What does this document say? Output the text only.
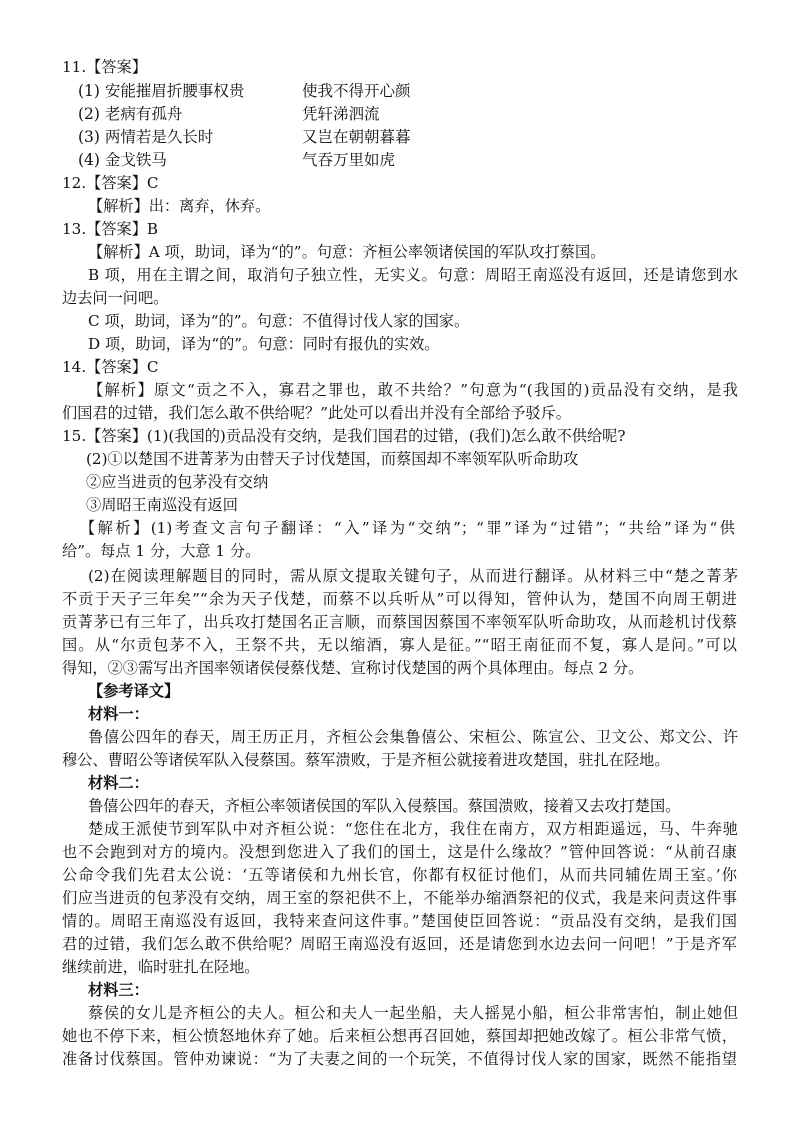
11.【答案】
(1) 安能摧眉折腰事权贵	使我不得开心颜
(2) 老病有孤舟	凭轩涕泗流
(3) 两情若是久长时	又岂在朝朝暮暮
(4) 金戈铁马	气吞万里如虎
12.【答案】C
【解析】出：离弃，休弃。
13.【答案】B
【解析】A 项，助词，译为“的”。句意：齐桓公率领诸侯国的军队攻打蔡国。
B 项，用在主谓之间，取消句子独立性，无实义。句意：周昭王南巡没有返回，还是请您到水
边去问一问吧。
C 项，助词，译为“的”。句意：不值得讨伐人家的国家。
D 项，助词，译为“的”。句意：同时有报仇的实效。
14.【答案】C
【解析】原文“贡之不入，寡君之罪也，敢不共给？”句意为“(我国的)贡品没有交纳，是我
们国君的过错，我们怎么敢不供给呢？”此处可以看出并没有全部给予驳斥。
15.【答案】(1)(我国的)贡品没有交纳，是我们国君的过错，(我们)怎么敢不供给呢?
(2)①以楚国不进菁茅为由替天子讨伐楚国，而蔡国却不率领军队听命助攻
②应当进贡的包茅没有交纳
③周昭王南巡没有返回
【解析】(1)考查文言句子翻译：“入”译为“交纳”；“罪”译为“过错”；“共给”译为“供
给”。每点 1 分，大意 1 分。
(2)在阅读理解题目的同时，需从原文提取关键句子，从而进行翻译。从材料三中“楚之菁茅
不贡于天子三年矣”“余为天子伐楚，而蔡不以兵听从”可以得知，管仲认为，楚国不向周王朝进
贡菁茅已有三年了，出兵攻打楚国名正言顺，而蔡国因蔡国不率领军队听命助攻，从而趁机讨伐蔡
国。从“尔贡包茅不入，王祭不共，无以缩酒，寡人是征。”“昭王南征而不复，寡人是问。”可以
得知，②③需写出齐国率领诸侯侵蔡伐楚、宣称讨伐楚国的两个具体理由。每点 2 分。
【参考译文】
材料一：
鲁僖公四年的春天，周王历正月，齐桓公会集鲁僖公、宋桓公、陈宣公、卫文公、郑文公、许
穆公、曹昭公等诸侯军队入侵蔡国。蔡军溃败，于是齐桓公就接着进攻楚国，驻扎在陉地。
材料二：
鲁僖公四年的春天，齐桓公率领诸侯国的军队入侵蔡国。蔡国溃败，接着又去攻打楚国。
楚成王派使节到军队中对齐桓公说：“您住在北方，我住在南方，双方相距遥远，马、牛奔驰
也不会跑到对方的境内。没想到您进入了我们的国土，这是什么缘故？”管仲回答说：“从前召康
公命令我们先君太公说：‘五等诸侯和九州长官，你都有权征讨他们，从而共同辅佐周王室。’你
们应当进贡的包茅没有交纳，周王室的祭祀供不上，不能举办缩酒祭祀的仪式，我是来问责这件事
情的。周昭王南巡没有返回，我特来查问这件事。”楚国使臣回答说：“贡品没有交纳，是我们国
君的过错，我们怎么敢不供给呢？周昭王南巡没有返回，还是请您到水边去问一问吧！”于是齐军
继续前进，临时驻扎在陉地。
材料三：
蔡侯的女儿是齐桓公的夫人。桓公和夫人一起坐船，夫人摇晃小船，桓公非常害怕，制止她但
她也不停下来，桓公愤怒地休弃了她。后来桓公想再召回她，蔡国却把她改嫁了。桓公非常气愤，
准备讨伐蔡国。管仲劝谏说：“为了夫妻之间的一个玩笑，不值得讨伐人家的国家，既然不能指望
